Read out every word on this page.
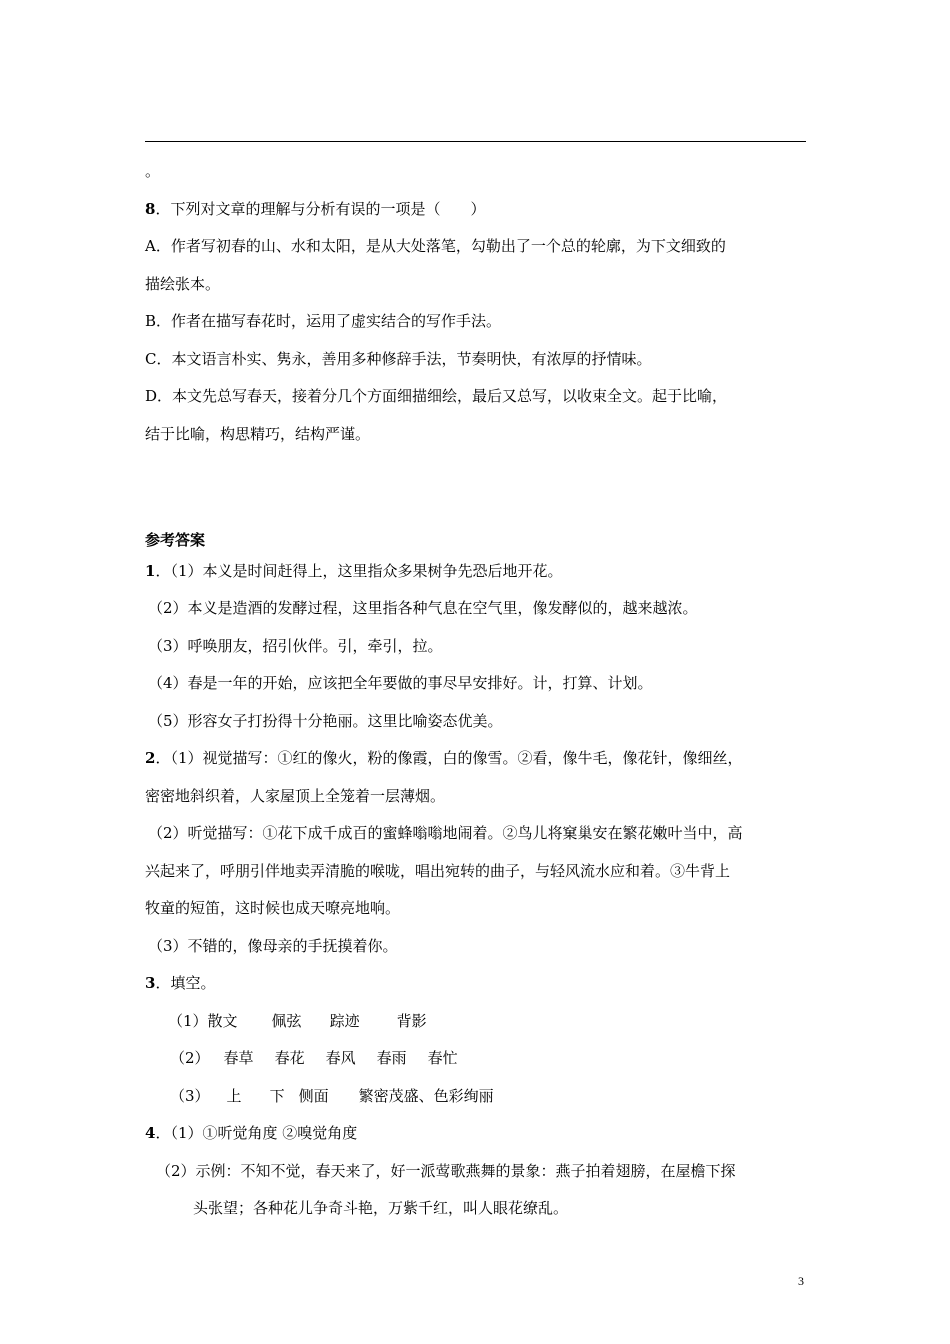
。
8．下列对文章的理解与分析有误的一项是（　　）
A．作者写初春的山、水和太阳，是从大处落笔，勾勒出了一个总的轮廓，为下文细致的
描绘张本。
B．作者在描写春花时，运用了虚实结合的写作手法。
C．本文语言朴实、隽永，善用多种修辞手法，节奏明快，有浓厚的抒情味。
D．本文先总写春天，接着分几个方面细描细绘，最后又总写，以收束全文。起于比喻，
结于比喻，构思精巧，结构严谨。
参考答案
1．（1）本义是时间赶得上，这里指众多果树争先恐后地开花。
（2）本义是造酒的发酵过程，这里指各种气息在空气里，像发酵似的，越来越浓。
（3）呼唤朋友，招引伙伴。引，牵引，拉。
（4）春是一年的开始，应该把全年要做的事尽早安排好。计，打算、计划。
（5）形容女子打扮得十分艳丽。这里比喻姿态优美。
2．（1）视觉描写：①红的像火，粉的像霞，白的像雪。②看，像牛毛，像花针，像细丝，
密密地斜织着，人家屋顶上全笼着一层薄烟。
（2）听觉描写：①花下成千成百的蜜蜂嗡嗡地闹着。②鸟儿将窠巢安在繁花嫩叶当中，高
兴起来了，呼朋引伴地卖弄清脆的喉咙，唱出宛转的曲子，与轻风流水应和着。③牛背上
牧童的短笛，这时候也成天嘹亮地响。
（3）不错的，像母亲的手抚摸着你。
3．填空。
（1）散文 佩弦 踪迹 背影
（2） 春草 春花 春风 春雨 春忙
（3） 上 下 侧面 繁密茂盛、色彩绚丽
4．（1）①听觉角度 ②嗅觉角度
（2）示例：不知不觉，春天来了，好一派莺歌燕舞的景象：燕子拍着翅膀，在屋檐下探
头张望；各种花儿争奇斗艳，万紫千红，叫人眼花缭乱。
3
